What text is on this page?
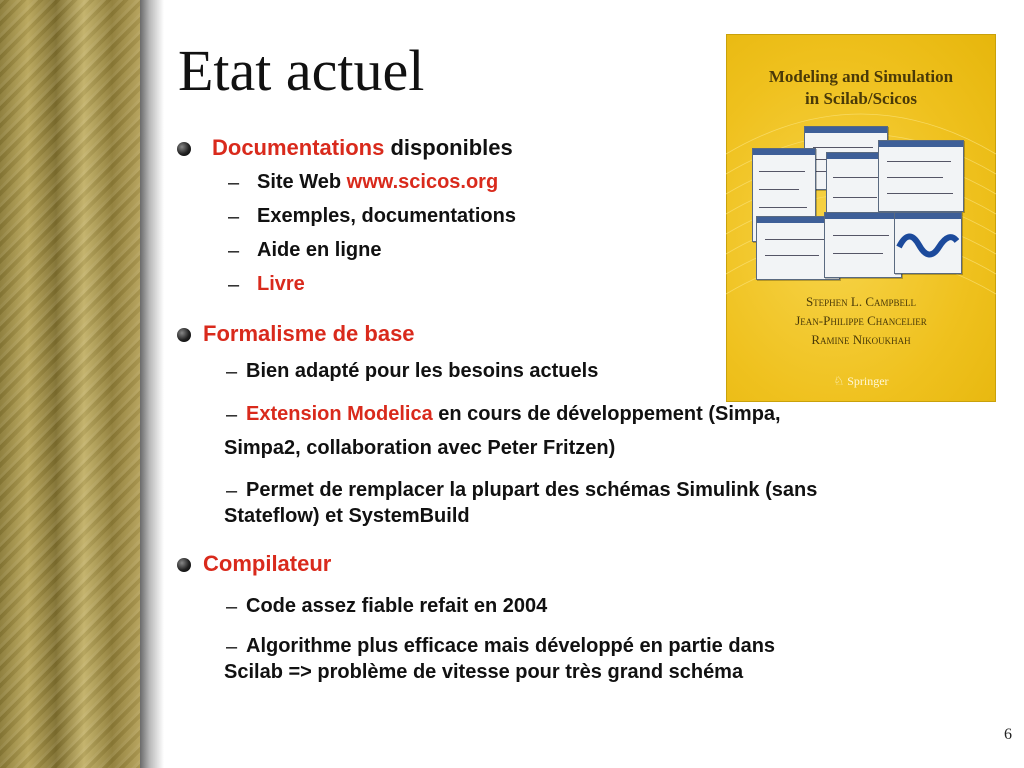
Etat actuel
Documentations disponibles
– Site Web www.scicos.org
– Exemples, documentations
– Aide en ligne
– Livre
Formalisme de base
– Bien adapté pour les besoins actuels
– Extension Modelica en cours de développement (Simpa,
Simpa2, collaboration avec Peter Fritzen)
– Permet de remplacer la plupart des schémas Simulink (sans
Stateflow) et SystemBuild
Compilateur
– Code assez fiable refait en 2004
– Algorithme plus efficace mais développé en partie dans
Scilab => problème de vitesse pour très grand schéma
Modeling and Simulation
in Scilab/Scicos
Stephen L. Campbell
Jean-Philippe Chancelier
Ramine Nikoukhah
♘ Springer
6
